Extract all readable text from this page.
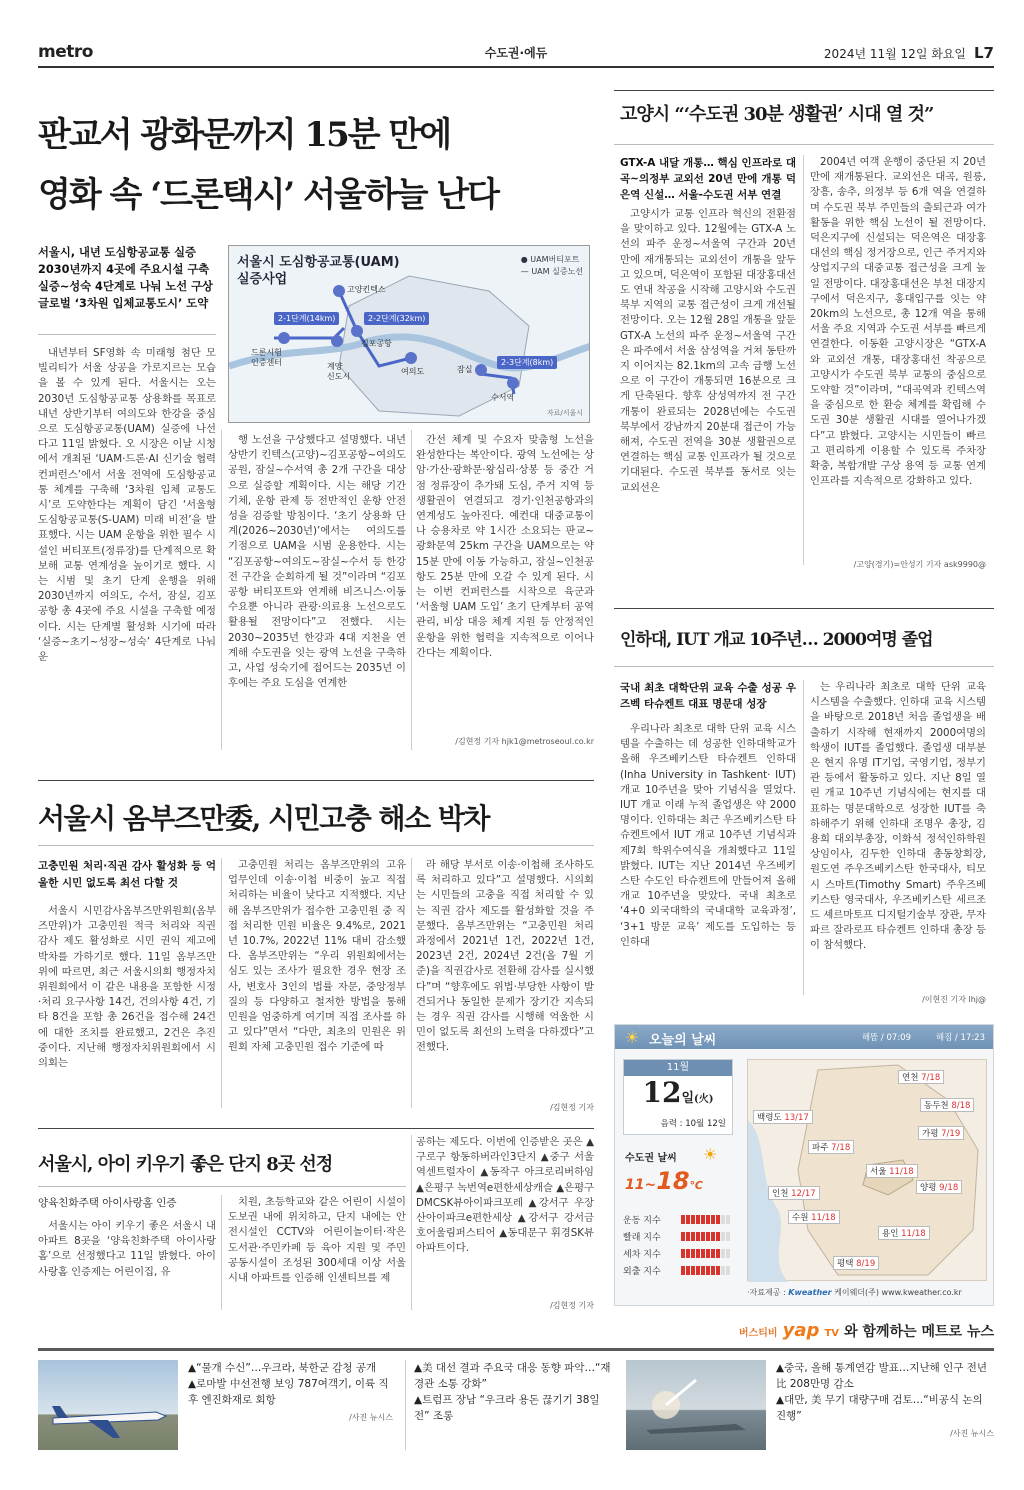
metro	수도권·에듀	2024년 11월 12일 화요일 L7
판교서 광화문까지 15분 만에
영화 속 ‘드론택시’ 서울하늘 난다
서울시, 내년 도심항공교통 실증
2030년까지 4곳에 주요시설 구축
실증~성숙 4단계로 나눠 노선 구상
글로벌 ‘3차원 입체교통도시’ 도약
서울시 도심항공교통(UAM)
실증사업
● UAM버티포트
— UAM 실증노선
2-1단계(14km)	2-2단계(32km)
2-3단계(8km)
고양킨텍스
드론시험
인증센터	계양
신도시
김포공항
여의도	잠실
수서역
자료/서울시

내년부터 SF영화 속 미래형 첨단 모빌리티가 서울 상공을 가로지르는 모습을 볼 수 있게 된다. 서울시는 오는 2030년 도심항공교통 상용화를 목표로 내년 상반기부터 여의도와 한강을 중심으로 도심항공교통(UAM) 실증에 나선다고 11일 밝혔다. 오 시장은 이날 시청에서 개최된 ‘UAM·드론·AI 신기술 협력 컨퍼런스’에서 서울 전역에 도심항공교통 체계를 구축해 ‘3차원 입체 교통도시’로 도약한다는 계획이 담긴 ‘서울형 도심항공교통(S-UAM) 미래 비전’을 발표했다. 시는 UAM 운항을 위한 필수 시설인 버티포트(정류장)를 단계적으로 확보해 교통 연계성을 높이기로 했다. 시는 시범 및 초기 단계 운행을 위해 2030년까지 여의도, 수서, 잠실, 김포공항 총 4곳에 주요 시설을 구축할 예정이다. 시는 단계별 활성화 시기에 따라 ‘실증~초기~성장~성숙’ 4단계로 나눠 운

행 노선을 구상했다고 설명했다. 내년 상반기 킨텍스(고양)~김포공항~여의도공원, 잠실~수서역 총 2개 구간을 대상으로 실증할 계획이다. 시는 해당 기간 기체, 운항 관제 등 전반적인 운항 안전성을 검증할 방침이다. ‘초기 상용화 단계(2026~2030년)’에서는 여의도를 기점으로 UAM을 시범 운용한다. 시는 “김포공항~여의도~잠실~수서 등 한강 전 구간을 순회하게 될 것”이라며 “김포공항 버티포트와 연계해 비즈니스·이동 수요뿐 아니라 관광·의료용 노선으로도 활용될 전망이다”고 전했다. 시는 2030~2035년 한강과 4대 지천을 연계해 수도권을 잇는 광역 노선을 구축하고, 사업 성숙기에 접어드는 2035년 이후에는 주요 도심을 연계한

간선 체계 및 수요자 맞춤형 노선을 완성한다는 복안이다. 광역 노선에는 상암·가산·광화문·왕십리·상봉 등 중간 거점 정류장이 추가돼 도심, 주거 지역 등 생활권이 연결되고 경기·인천공항과의 연계성도 높아진다. 예컨대 대중교통이나 승용차로 약 1시간 소요되는 판교~광화문역 25km 구간을 UAM으로는 약 15분 만에 이동 가능하고, 잠실~인천공항도 25분 만에 오갈 수 있게 된다. 시는 이번 컨퍼런스를 시작으로 육군과 ‘서울형 UAM 도입’ 초기 단계부터 공역 관리, 비상 대응 체계 지원 등 안정적인 운항을 위한 협력을 지속적으로 이어나간다는 계획이다.

/김현정 기자 hjk1@metroseoul.co.kr
고양시 “‘수도권 30분 생활권’ 시대 열 것”
GTX-A 내달 개통… 핵심 인프라로 대곡~의정부 교외선 20년 만에 개통 덕은역 신설… 서울-수도권 서부 연결

고양시가 교통 인프라 혁신의 전환점을 맞이하고 있다. 12월에는 GTX-A 노선의 파주 운정~서울역 구간과 20년 만에 재개통되는 교외선이 개통을 앞두고 있으며, 덕은역이 포함된 대장홍대선도 연내 착공을 시작해 고양시와 수도권 북부 지역의 교통 접근성이 크게 개선될 전망이다. 오는 12월 28일 개통을 앞둔 GTX-A 노선의 파주 운정~서울역 구간은 파주에서 서울 삼성역을 거쳐 동탄까지 이어지는 82.1km의 고속 급행 노선으로 이 구간이 개통되면 16분으로 크게 단축된다. 향후 삼성역까지 전 구간 개통이 완료되는 2028년에는 수도권 북부에서 강남까지 20분대 접근이 가능해져, 수도권 전역을 30분 생활권으로 연결하는 핵심 교통 인프라가 될 것으로 기대된다. 수도권 북부를 동서로 잇는 교외선은

2004년 여객 운행이 중단된 지 20년 만에 재개통된다. 교외선은 대곡, 원릉, 장흥, 송추, 의정부 등 6개 역을 연결하며 수도권 북부 주민들의 출퇴근과 여가 활동을 위한 핵심 노선이 될 전망이다. 덕은지구에 신설되는 덕은역은 대장홍대선의 핵심 정거장으로, 인근 주거지와 상업지구의 대중교통 접근성을 크게 높일 전망이다. 대장홍대선은 부천 대장지구에서 덕은지구, 홍대입구를 잇는 약 20km의 노선으로, 총 12개 역을 통해 서울 주요 지역과 수도권 서부를 빠르게 연결한다. 이동환 고양시장은 “GTX-A와 교외선 개통, 대장홍대선 착공으로 고양시가 수도권 북부 교통의 중심으로 도약할 것”이라며, “대곡역과 킨텍스역을 중심으로 한 환승 체계를 확립해 수도권 30분 생활권 시대를 열어나가겠다”고 밝혔다. 고양시는 시민들이 빠르고 편리하게 이용할 수 있도록 주차장 확충, 복합개발 구상 용역 등 교통 연계 인프라를 지속적으로 강화하고 있다.

/고양(경기)=안성기 기자 ask9990@
인하대, IUT 개교 10주년… 2000여명 졸업
국내 최초 대학단위 교육 수출 성공 우즈벡 타슈켄트 대표 명문대 성장

우리나라 최초로 대학 단위 교육 시스템을 수출하는 데 성공한 인하대학교가 올해 우즈베키스탄 타슈켄트 인하대(Inha University in Tashkent· IUT) 개교 10주년을 맞아 기념식을 열었다. IUT 개교 이래 누적 졸업생은 약 2000명이다. 인하대는 최근 우즈베키스탄 타슈켄트에서 IUT 개교 10주년 기념식과 제7회 학위수여식을 개최했다고 11일 밝혔다. IUT는 지난 2014년 우즈베키스탄 수도인 타슈켄트에 만들어져 올해 개교 10주년을 맞았다. 국내 최초로 ‘4+0 외국대학의 국내대학 교육과정’, ‘3+1 방문 교육’ 제도를 도입하는 등 인하대

는 우리나라 최초로 대학 단위 교육 시스템을 수출했다. 인하대 교육 시스템을 바탕으로 2018년 처음 졸업생을 배출하기 시작해 현재까지 2000여명의 학생이 IUT를 졸업했다. 졸업생 대부분은 현지 유명 IT기업, 국영기업, 정부기관 등에서 활동하고 있다. 지난 8일 열린 개교 10주년 기념식에는 현지를 대표하는 명문대학으로 성장한 IUT를 축하해주기 위해 인하대 조명우 총장, 김용희 대외부총장, 이화석 정석인하학원 상임이사, 김두한 인하대 총동창회장, 원도연 주우즈베키스탄 한국대사, 티모시 스마트(Timothy Smart) 주우즈베키스탄 영국대사, 우즈베키스탄 세르조드 셰르마토프 디지털기술부 장관, 무자파르 잘라로프 타슈켄트 인하대 총장 등이 참석했다.

/이현진 기자 lhj@
서울시 옴부즈만委, 시민고충 해소 박차
고충민원 처리·직권 감사 활성화 등 억울한 시민 없도록 최선 다할 것

서울시 시민감사옴부즈만위원회(옴부즈만위)가 고충민원 적극 처리와 직권 감사 제도 활성화로 시민 권익 제고에 박차를 가하기로 했다. 11일 옴부즈만위에 따르면, 최근 서울시의회 행정자치위원회에서 이 같은 내용을 포함한 시정·처리 요구사항 14건, 건의사항 4건, 기타 8건을 포함 총 26건을 접수해 24건에 대한 조치를 완료했고, 2건은 추진 중이다. 지난해 행정자치위원회에서 시의회는

고충민원 처리는 옴부즈만위의 고유 업무인데 이송·이첩 비중이 높고 직접 처리하는 비율이 낮다고 지적했다. 지난해 옴부즈만위가 접수한 고충민원 중 직접 처리한 민원 비율은 9.4%로, 2021년 10.7%, 2022년 11% 대비 감소했다. 옴부즈만위는 “우리 위원회에서는 심도 있는 조사가 필요한 경우 현장 조사, 변호사 3인의 법률 자문, 중앙정부 질의 등 다양하고 철저한 방법을 통해 민원을 엄중하게 여기며 직접 조사를 하고 있다”면서 “다만, 최초의 민원은 위원회 자체 고충민원 접수 기준에 따

라 해당 부서로 이송·이첩해 조사하도록 처리하고 있다”고 설명했다. 시의회는 시민들의 고충을 직접 처리할 수 있는 직권 감사 제도를 활성화할 것을 주문했다. 옴부즈만위는 “고충민원 처리 과정에서 2021년 1건, 2022년 1건, 2023년 2건, 2024년 2건(올 7월 기준)을 직권감사로 전환해 감사를 실시했다”며 “향후에도 위법·부당한 사항이 발견되거나 동일한 문제가 장기간 지속되는 경우 직권 감사를 시행해 억울한 시민이 없도록 최선의 노력을 다하겠다”고 전했다.

/김현정 기자
서울시, 아이 키우기 좋은 단지 8곳 선정
양육친화주택 아이사랑홈 인증

서울시는 아이 키우기 좋은 서울시 내 아파트 8곳을 ‘양육친화주택 아이사랑홈’으로 선정했다고 11일 밝혔다. 아이사랑홈 인증제는 어린이집, 유

치원, 초등학교와 같은 어린이 시설이 도보권 내에 위치하고, 단지 내에는 안전시설인 CCTV와 어린이놀이터·작은 도서관·주민카페 등 육아 지원 및 주민 공동시설이 조성된 300세대 이상 서울시내 아파트를 인증해 인센티브를 제

공하는 제도다. 이번에 인증받은 곳은 ▲구로구 항동하버라인3단지 ▲중구 서울역센트럴자이 ▲동작구 아크로리버하임 ▲은평구 녹번역e편한세상캐슬 ▲은평구 DMCSK뷰아이파크포레 ▲강서구 우장산아이파크e편한세상 ▲강서구 강서금호어울림퍼스티어 ▲동대문구 휘경SK뷰 아파트이다.

/김현정 기자
☀ 오늘의 날씨	해뜸 / 07:09	해짐 / 17:23
11월
12일(火)
음력 : 10월 12일
수도권 날씨 ☀
11~18℃
운동 지수
빨래 지수
세차 지수
외출 지수
연천 7/18
동두천 8/18
백령도 13/17
가평 7/19
파주 7/18
서울 11/18
인천 12/17
양평 9/18
수원 11/18
용인 11/18
평택 8/19
·자료제공 : Kweather 케이웨더(주) www.kweather.co.kr
버스티비 yap TV 와 함께하는 메트로 뉴스
▲“물개 수신”…우크라, 북한군 감청 공개
▲로마발 中선전행 보잉 787여객기, 이륙 직후 엔진화재로 회항
/사진 뉴시스
▲美 대선 결과 주요국 대응 동향 파악…“재경관 소통 강화”
▲트럼프 장남 “우크라 용돈 끊기기 38일 전” 조롱
▲중국, 올해 통계연감 발표…지난해 인구 전년比 208만명 감소
▲대만, 美 무기 대량구매 검토…“비공식 논의 진행”
/사진 뉴시스
